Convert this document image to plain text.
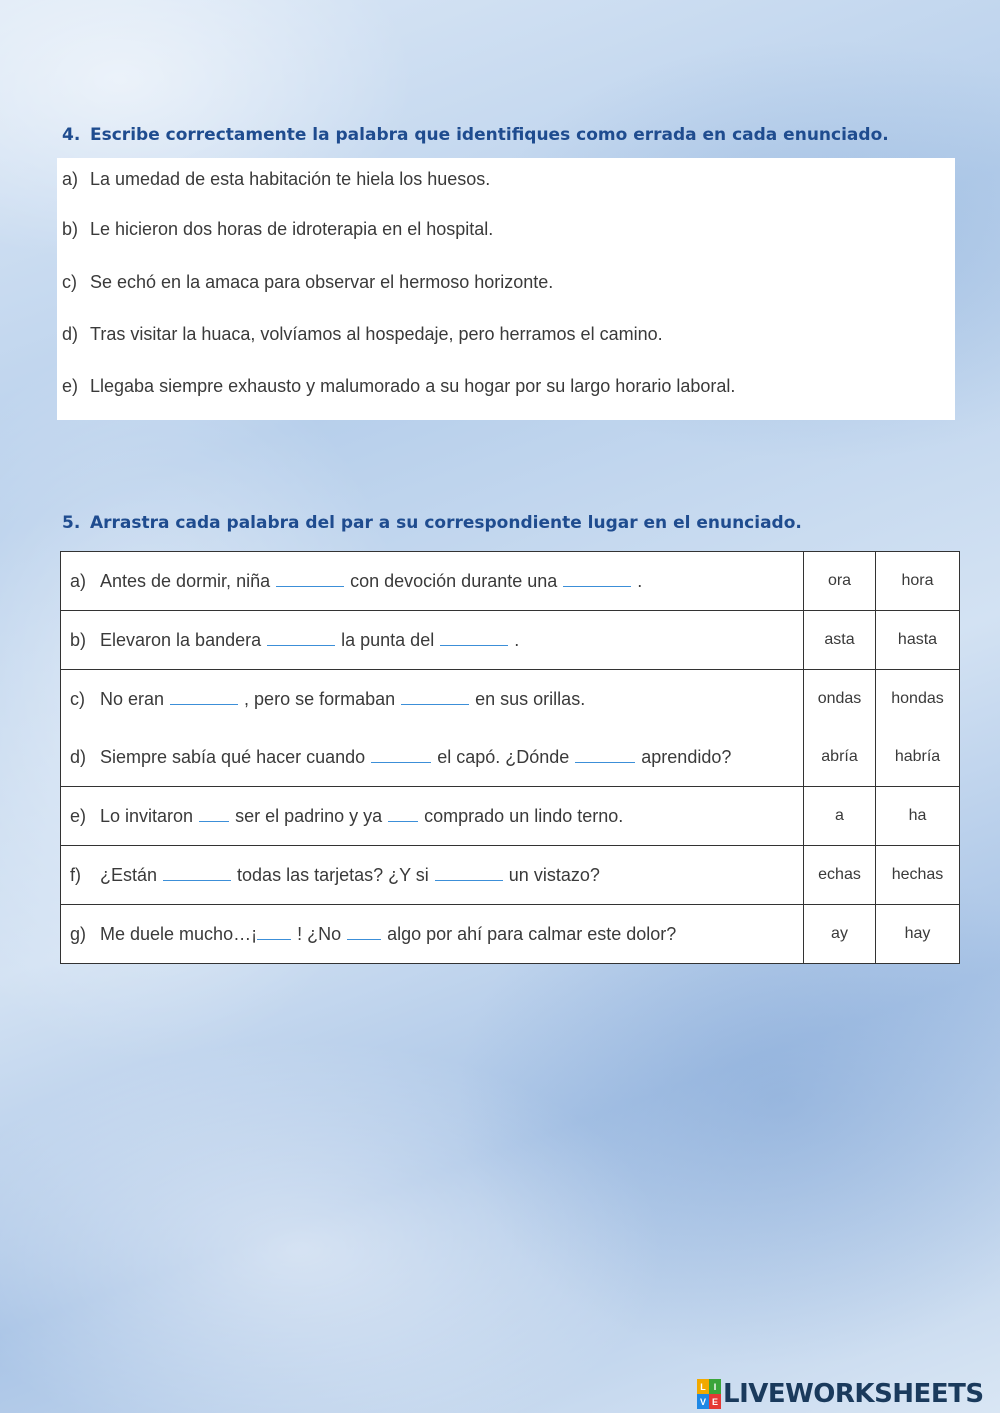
4. Escribe correctamente la palabra que identifiques como errada en cada enunciado.
a) La umedad de esta habitación te hiela los huesos.
b) Le hicieron dos horas de idroterapia en el hospital.
c) Se echó en la amaca para observar el hermoso horizonte.
d) Tras visitar la huaca, volvíamos al hospedaje, pero herramos el camino.
e) Llegaba siempre exhausto y malumorado a su hogar por su largo horario laboral.
5. Arrastra cada palabra del par a su correspondiente lugar en el enunciado.
a) Antes de dormir, niña con devoción durante una .	ora	hora
b) Elevaron la bandera la punta del .	asta	hasta
c) No eran , pero se formaban en sus orillas.	ondas	hondas
d) Siempre sabía qué hacer cuando el capó. ¿Dónde aprendido?	abría	habría
e) Lo invitaron ser el padrino y ya comprado un lindo terno.	a	ha
f) ¿Están todas las tarjetas? ¿Y si un vistazo?	echas	hechas
g) Me duele mucho…¡ ! ¿No algo por ahí para calmar este dolor?	ay	hay
L I
V E LIVEWORKSHEETS
